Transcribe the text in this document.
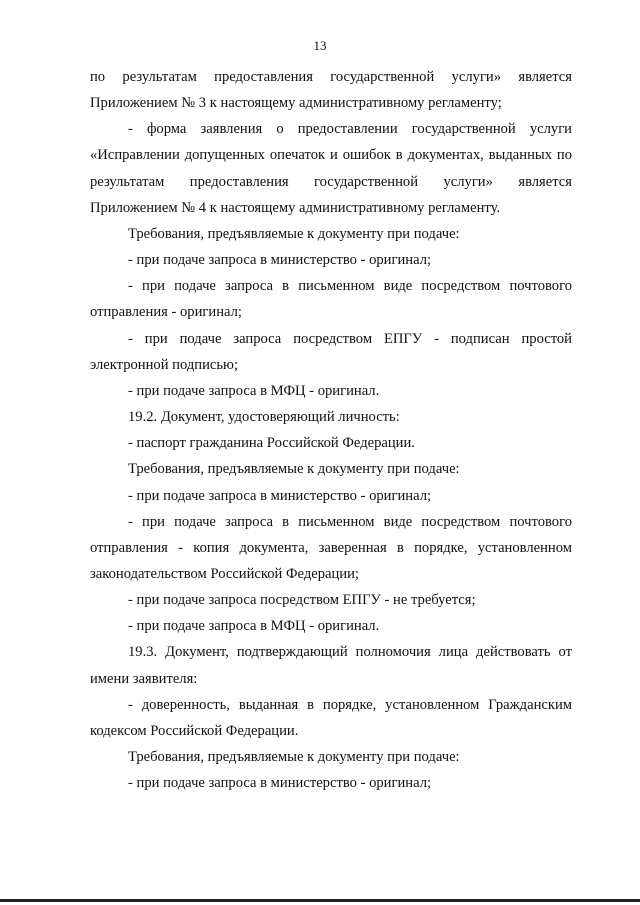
13

по результатам предоставления государственной услуги» является Приложением № 3 к настоящему административному регламенту;

- форма заявления о предоставлении государственной услуги «Исправлении допущенных опечаток и ошибок в документах, выданных по результатам предоставления государственной услуги» является Приложением № 4 к настоящему административному регламенту.

Требования, предъявляемые к документу при подаче:

- при подаче запроса в министерство - оригинал;

- при подаче запроса в письменном виде посредством почтового отправления - оригинал;

- при подаче запроса посредством ЕПГУ - подписан простой электронной подписью;

- при подаче запроса в МФЦ - оригинал.

19.2. Документ, удостоверяющий личность:

- паспорт гражданина Российской Федерации.

Требования, предъявляемые к документу при подаче:

- при подаче запроса в министерство - оригинал;

- при подаче запроса в письменном виде посредством почтового отправления - копия документа, заверенная в порядке, установленном законодательством Российской Федерации;

- при подаче запроса посредством ЕПГУ - не требуется;

- при подаче запроса в МФЦ - оригинал.

19.3. Документ, подтверждающий полномочия лица действовать от имени заявителя:

- доверенность, выданная в порядке, установленном Гражданским кодексом Российской Федерации.

Требования, предъявляемые к документу при подаче:

- при подаче запроса в министерство - оригинал;
